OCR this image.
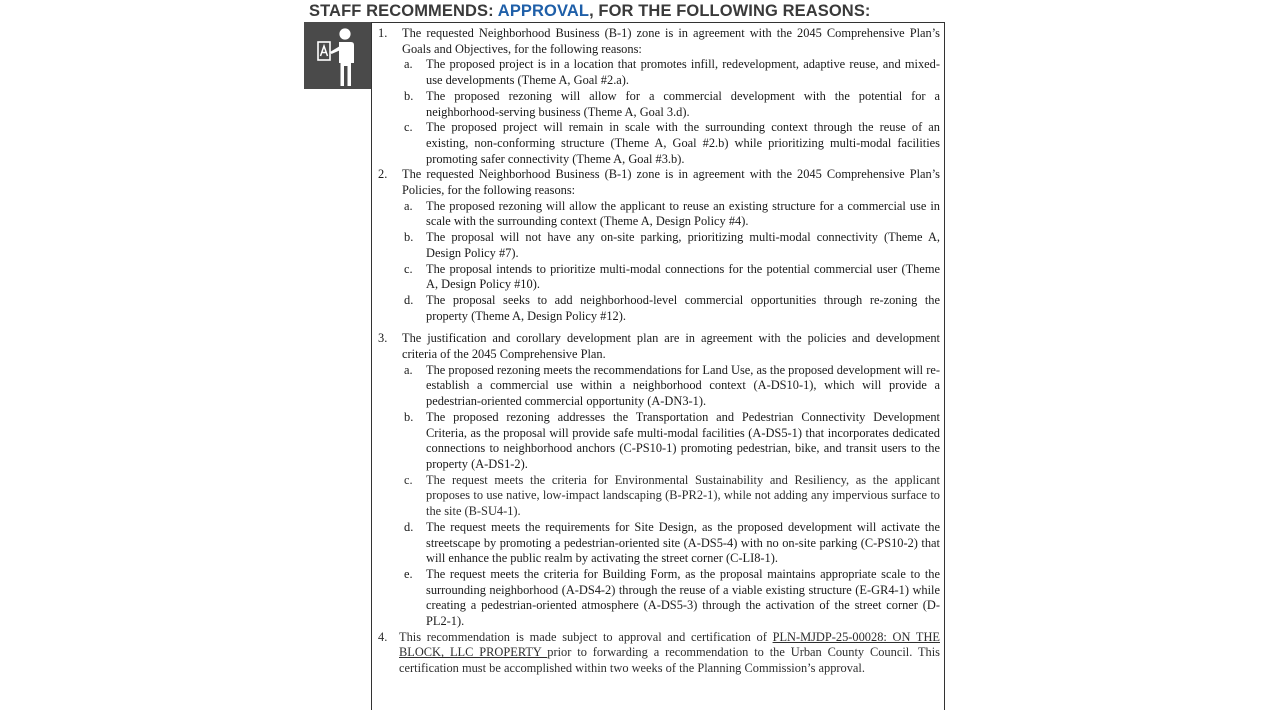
STAFF RECOMMENDS: APPROVAL, FOR THE FOLLOWING REASONS:
1.	The requested Neighborhood Business (B-1) zone is in agreement with the 2045 Comprehensive Plan’s Goals and Objectives, for the following reasons:
a. The proposed project is in a location that promotes infill, redevelopment, adaptive reuse, and mixed-use developments (Theme A, Goal #2.a).
b. The proposed rezoning will allow for a commercial development with the potential for a neighborhood-serving business (Theme A, Goal 3.d).
c. The proposed project will remain in scale with the surrounding context through the reuse of an existing, non-conforming structure (Theme A, Goal #2.b) while prioritizing multi-modal facilities promoting safer connectivity (Theme A, Goal #3.b).
2.	The requested Neighborhood Business (B-1) zone is in agreement with the 2045 Comprehensive Plan’s Policies, for the following reasons:
a. The proposed rezoning will allow the applicant to reuse an existing structure for a commercial use in scale with the surrounding context (Theme A, Design Policy #4).
b. The proposal will not have any on-site parking, prioritizing multi-modal connectivity (Theme A, Design Policy #7).
c. The proposal intends to prioritize multi-modal connections for the potential commercial user (Theme A, Design Policy #10).
d. The proposal seeks to add neighborhood-level commercial opportunities through re-zoning the property (Theme A, Design Policy #12).
3.	The justification and corollary development plan are in agreement with the policies and development criteria of the 2045 Comprehensive Plan.
a. The proposed rezoning meets the recommendations for Land Use, as the proposed development will re-establish a commercial use within a neighborhood context (A-DS10-1), which will provide a pedestrian-oriented commercial opportunity (A-DN3-1).
b. The proposed rezoning addresses the Transportation and Pedestrian Connectivity Development Criteria, as the proposal will provide safe multi-modal facilities (A-DS5-1) that incorporates dedicated connections to neighborhood anchors (C-PS10-1) promoting pedestrian, bike, and transit users to the property (A-DS1-2).
c. The request meets the criteria for Environmental Sustainability and Resiliency, as the applicant proposes to use native, low-impact landscaping (B-PR2-1), while not adding any impervious surface to the site (B-SU4-1).
d. The request meets the requirements for Site Design, as the proposed development will activate the streetscape by promoting a pedestrian-oriented site (A-DS5-4) with no on-site parking (C-PS10-2) that will enhance the public realm by activating the street corner (C-LI8-1).
e. The request meets the criteria for Building Form, as the proposal maintains appropriate scale to the surrounding neighborhood (A-DS4-2) through the reuse of a viable existing structure (E-GR4-1) while creating a pedestrian-oriented atmosphere (A-DS5-3) through the activation of the street corner (D-PL2-1).
4. This recommendation is made subject to approval and certification of PLN-MJDP-25-00028: ON THE BLOCK, LLC PROPERTY prior to forwarding a recommendation to the Urban County Council. This certification must be accomplished within two weeks of the Planning Commission’s approval.
